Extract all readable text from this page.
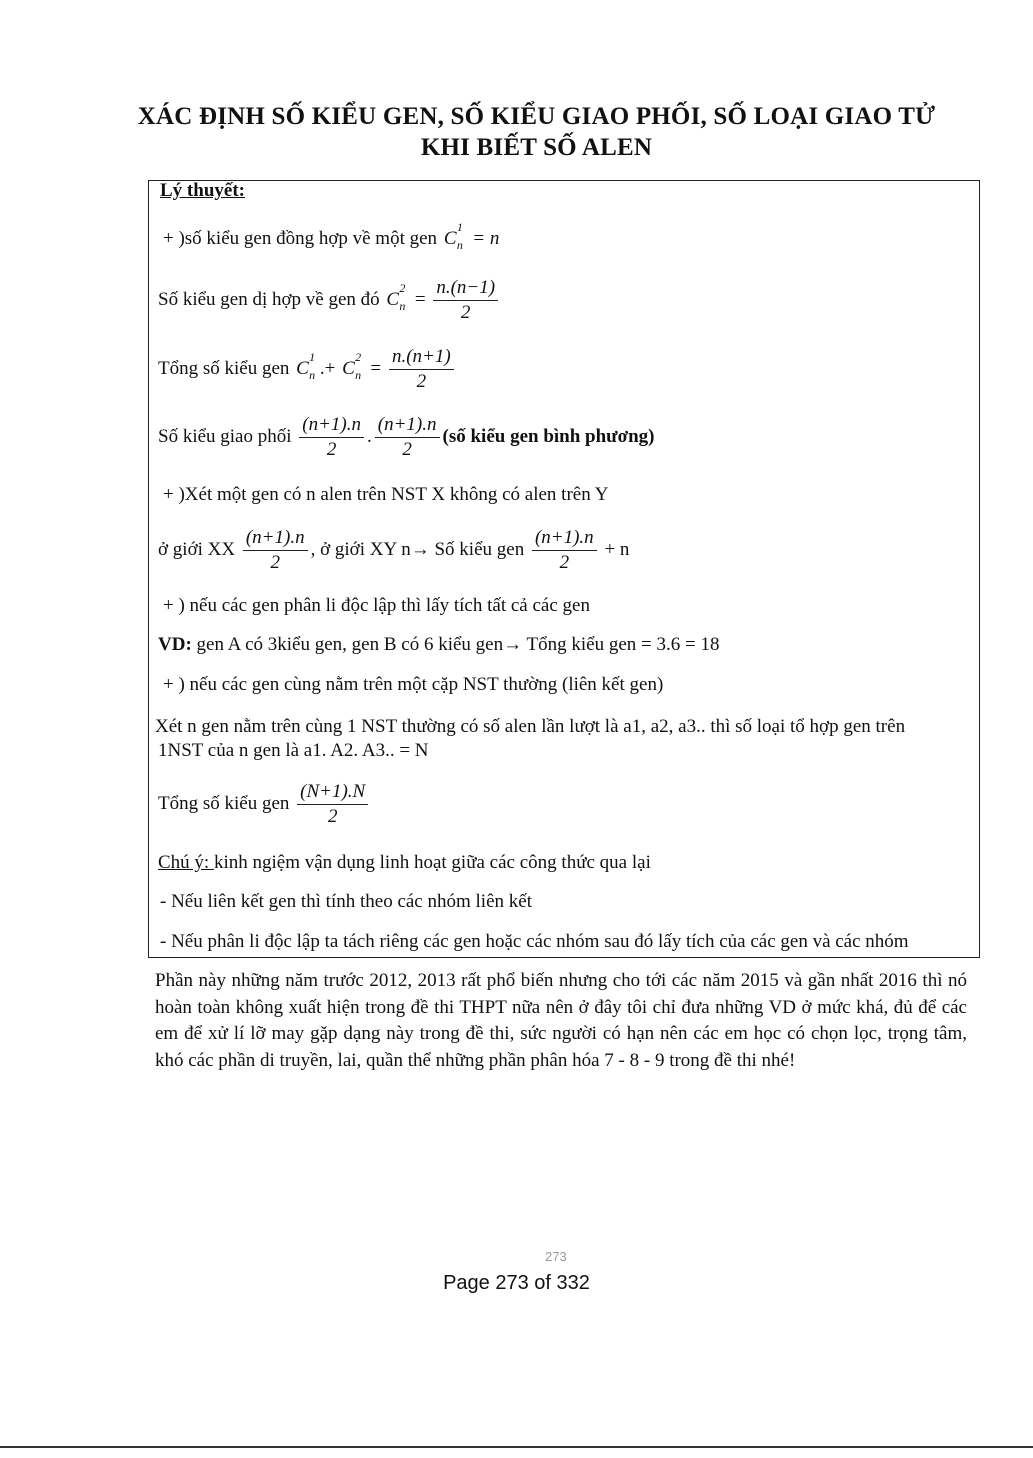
XÁC ĐỊNH SỐ KIỂU GEN, SỐ KIỂU GIAO PHỐI, SỐ LOẠI GIAO TỬ
KHI BIẾT SỐ ALEN
Lý thuyết:
+ )số kiểu gen đồng hợp về một gen C
1
n = n
Số kiểu gen dị hợp về gen đó C
2
$n = \frac{n.(n-1)}{2}$
Tổng số kiểu gen C
1
n .+ C
2
$n = \frac{n.(n+1)}{2}$
Số kiểu giao phối $\frac{(n+1).n}{2}$ . $\frac{(n+1).n}{2}$ (số kiểu gen bình phương)
+ )Xét một gen có n alen trên NST X không có alen trên Y
ở giới XX $\frac{(n+1).n}{2}$ , ở giới XY n→ Số kiểu gen $\frac{(n+1).n}{2} + n$
+ ) nếu các gen phân li độc lập thì lấy tích tất cả các gen
VD: gen A có 3kiểu gen, gen B có 6 kiểu gen→ Tổng kiểu gen = 3.6 = 18
+ ) nếu các gen cùng nằm trên một cặp NST thường (liên kết gen)
Xét n gen nằm trên cùng 1 NST thường có số alen lần lượt là a1, a2, a3.. thì số loại tổ hợp gen trên
1NST của n gen là a1. A2. A3.. = N
Tổng số kiểu gen $\frac{(N+1).N}{2}$
Chú ý: kinh ngiệm vận dụng linh hoạt giữa các công thức qua lại
- Nếu liên kết gen thì tính theo các nhóm liên kết
- Nếu phân li độc lập ta tách riêng các gen hoặc các nhóm sau đó lấy tích của các gen và các nhóm
Phần này những năm trước 2012, 2013 rất phổ biến nhưng cho tới các năm 2015 và gần nhất 2016 thì nó hoàn toàn không xuất hiện trong đề thi THPT nữa nên ở đây tôi chỉ đưa những VD ở mức khá, đủ để các em để xử lí lỡ may gặp dạng này trong đề thi, sức người có hạn nên các em học có chọn lọc, trọng tâm, khó các phần di truyền, lai, quần thể những phần phân hóa 7 - 8 - 9 trong đề thi nhé!
273
Page 273 of 332
